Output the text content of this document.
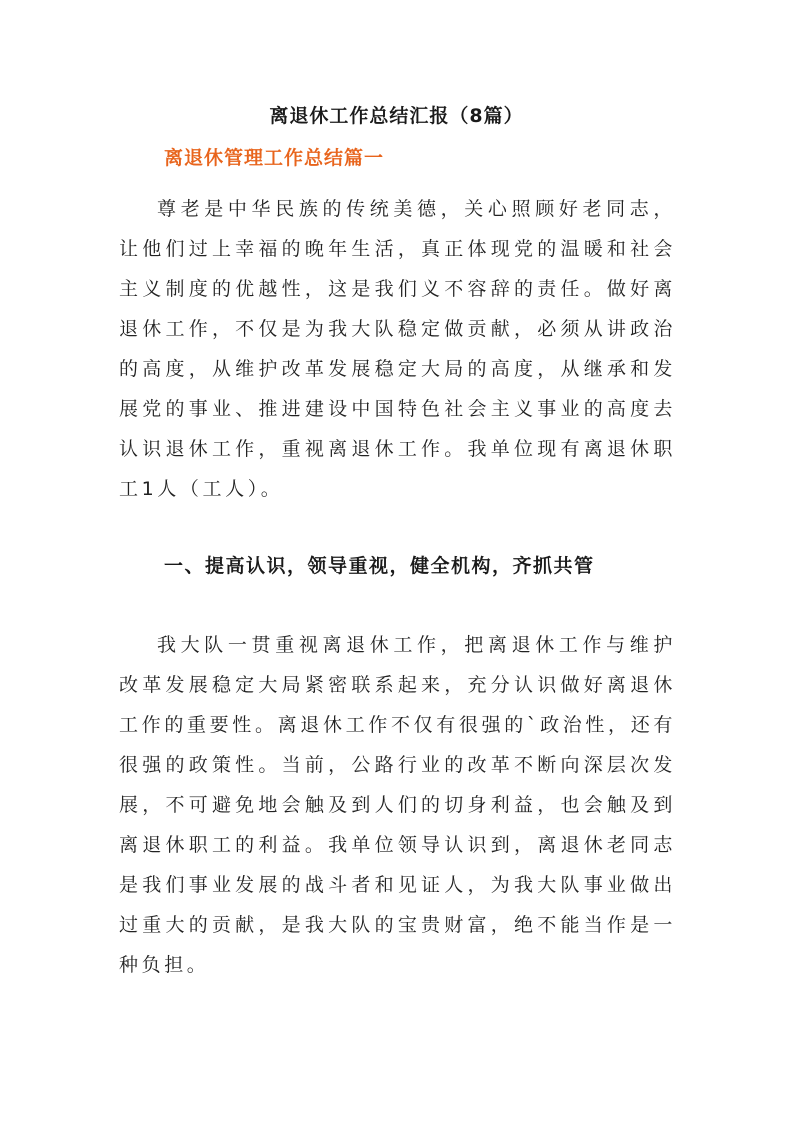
离退休工作总结汇报（8篇）
离退休管理工作总结篇一

尊老是中华民族的传统美德，关心照顾好老同志，让他们过上幸福的晚年生活，真正体现党的温暖和社会主义制度的优越性，这是我们义不容辞的责任。做好离退休工作，不仅是为我大队稳定做贡献，必须从讲政治的高度，从维护改革发展稳定大局的高度，从继承和发展党的事业、推进建设中国特色社会主义事业的高度去认识退休工作，重视离退休工作。我单位现有离退休职工1人（工人）。

一、提高认识，领导重视，健全机构，齐抓共管

我大队一贯重视离退休工作，把离退休工作与维护改革发展稳定大局紧密联系起来，充分认识做好离退休工作的重要性。离退休工作不仅有很强的`政治性，还有很强的政策性。当前，公路行业的改革不断向深层次发展，不可避免地会触及到人们的切身利益，也会触及到离退休职工的利益。我单位领导认识到，离退休老同志是我们事业发展的战斗者和见证人，为我大队事业做出过重大的贡献，是我大队的宝贵财富，绝不能当作是一种负担。
